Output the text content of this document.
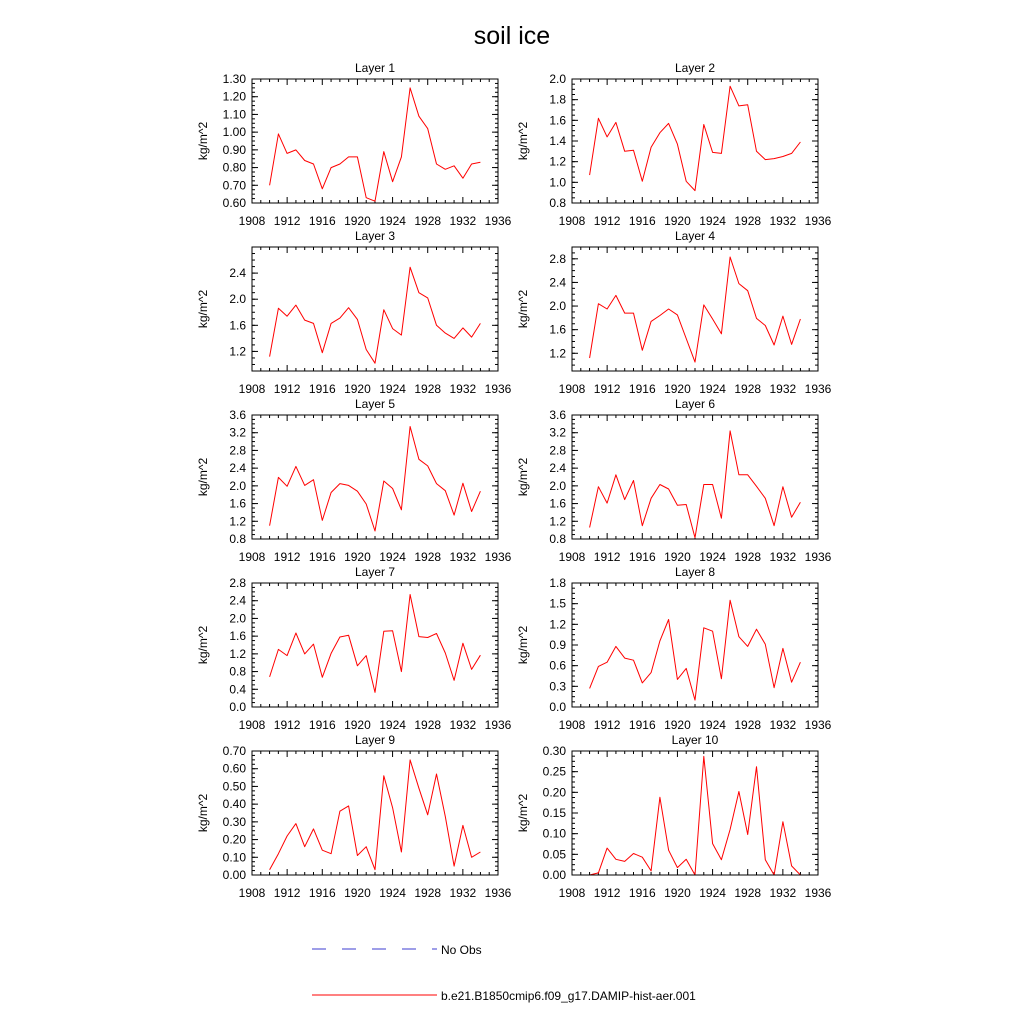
soil ice
1908 1912 1916 1920 1924 1928 1932 1936
0.60
0.70
0.80
0.90
1.00
1.10
1.20
1.30
Layer 1
kg/m^2
1908 1912 1916 1920 1924 1928 1932 1936
0.8
1.0
1.2
1.4
1.6
1.8
2.0
Layer 2
kg/m^2
1908 1912 1916 1920 1924 1928 1932 1936
1.2
1.6
2.0
2.4
Layer 3
kg/m^2
1908 1912 1916 1920 1924 1928 1932 1936
1.2
1.6
2.0
2.4
2.8
Layer 4
kg/m^2
1908 1912 1916 1920 1924 1928 1932 1936
0.8
1.2
1.6
2.0
2.4
2.8
3.2
3.6
Layer 5
kg/m^2
1908 1912 1916 1920 1924 1928 1932 1936
0.8
1.2
1.6
2.0
2.4
2.8
3.2
3.6
Layer 6
kg/m^2
1908 1912 1916 1920 1924 1928 1932 1936
0.0
0.4
0.8
1.2
1.6
2.0
2.4
2.8
Layer 7
kg/m^2
1908 1912 1916 1920 1924 1928 1932 1936
0.0
0.3
0.6
0.9
1.2
1.5
1.8
Layer 8
kg/m^2
1908 1912 1916 1920 1924 1928 1932 1936
0.00
0.10
0.20
0.30
0.40
0.50
0.60
0.70
Layer 9
kg/m^2
1908 1912 1916 1920 1924 1928 1932 1936
0.00
0.05
0.10
0.15
0.20
0.25
0.30
Layer 10
kg/m^2
No Obs
b.e21.B1850cmip6.f09_g17.DAMIP-hist-aer.001
